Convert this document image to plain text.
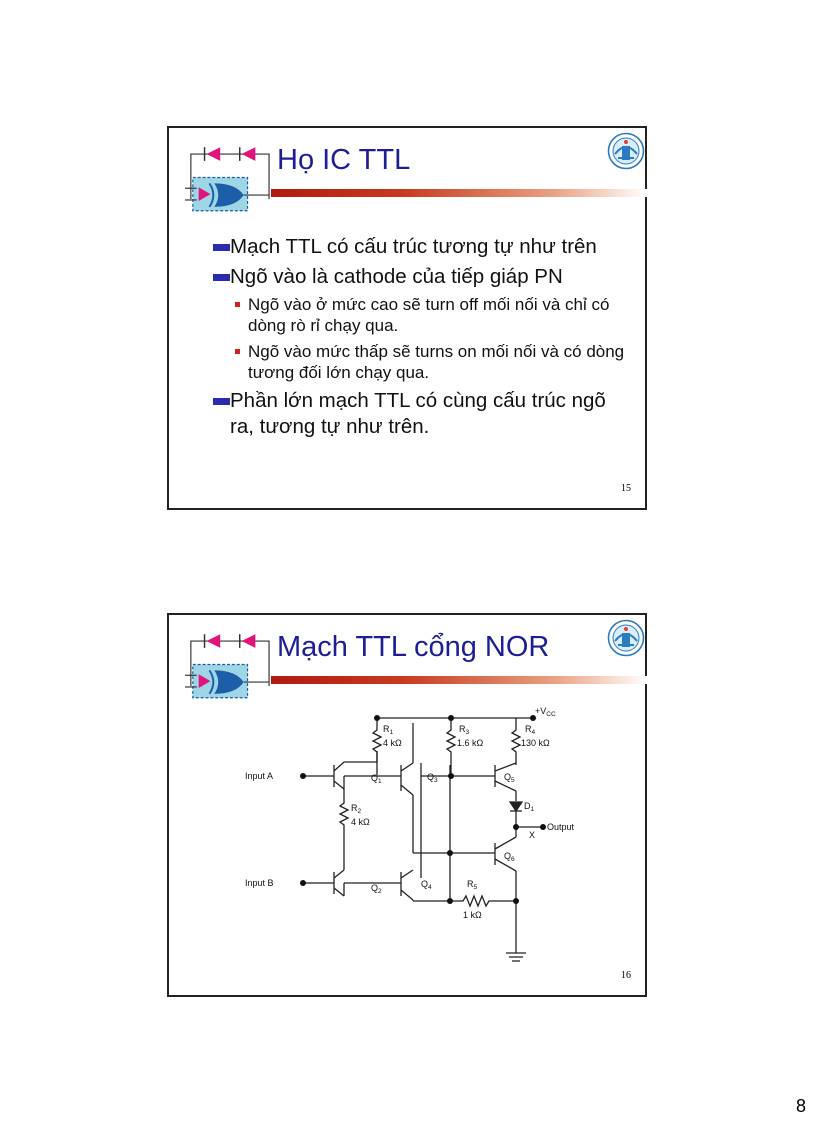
Họ IC TTL
Mạch TTL có cấu trúc tương tự như trên
Ngõ vào là cathode của tiếp giáp PN
Ngõ vào ở mức cao sẽ turn off mối nối và chỉ có dòng rò rỉ chạy qua.
Ngõ vào mức thấp sẽ turns on mối nối và có dòng tương đối lớn chạy qua.
Phần lớn mạch TTL có cùng cấu trúc ngõ ra, tương tự như trên.
15
Mạch TTL cổng NOR
$+V_{CC}$
$R_1$
4 kΩ
$R_3$
1.6 kΩ
$R_4$
130 kΩ
Input A
Input B
$Q_1$	$Q_3$	$Q_5$
$D_1$
Output
X
$Q_6$
$R_2$
4 kΩ
$Q_2$
$Q_4$	$R_5$
1 kΩ
16
8
